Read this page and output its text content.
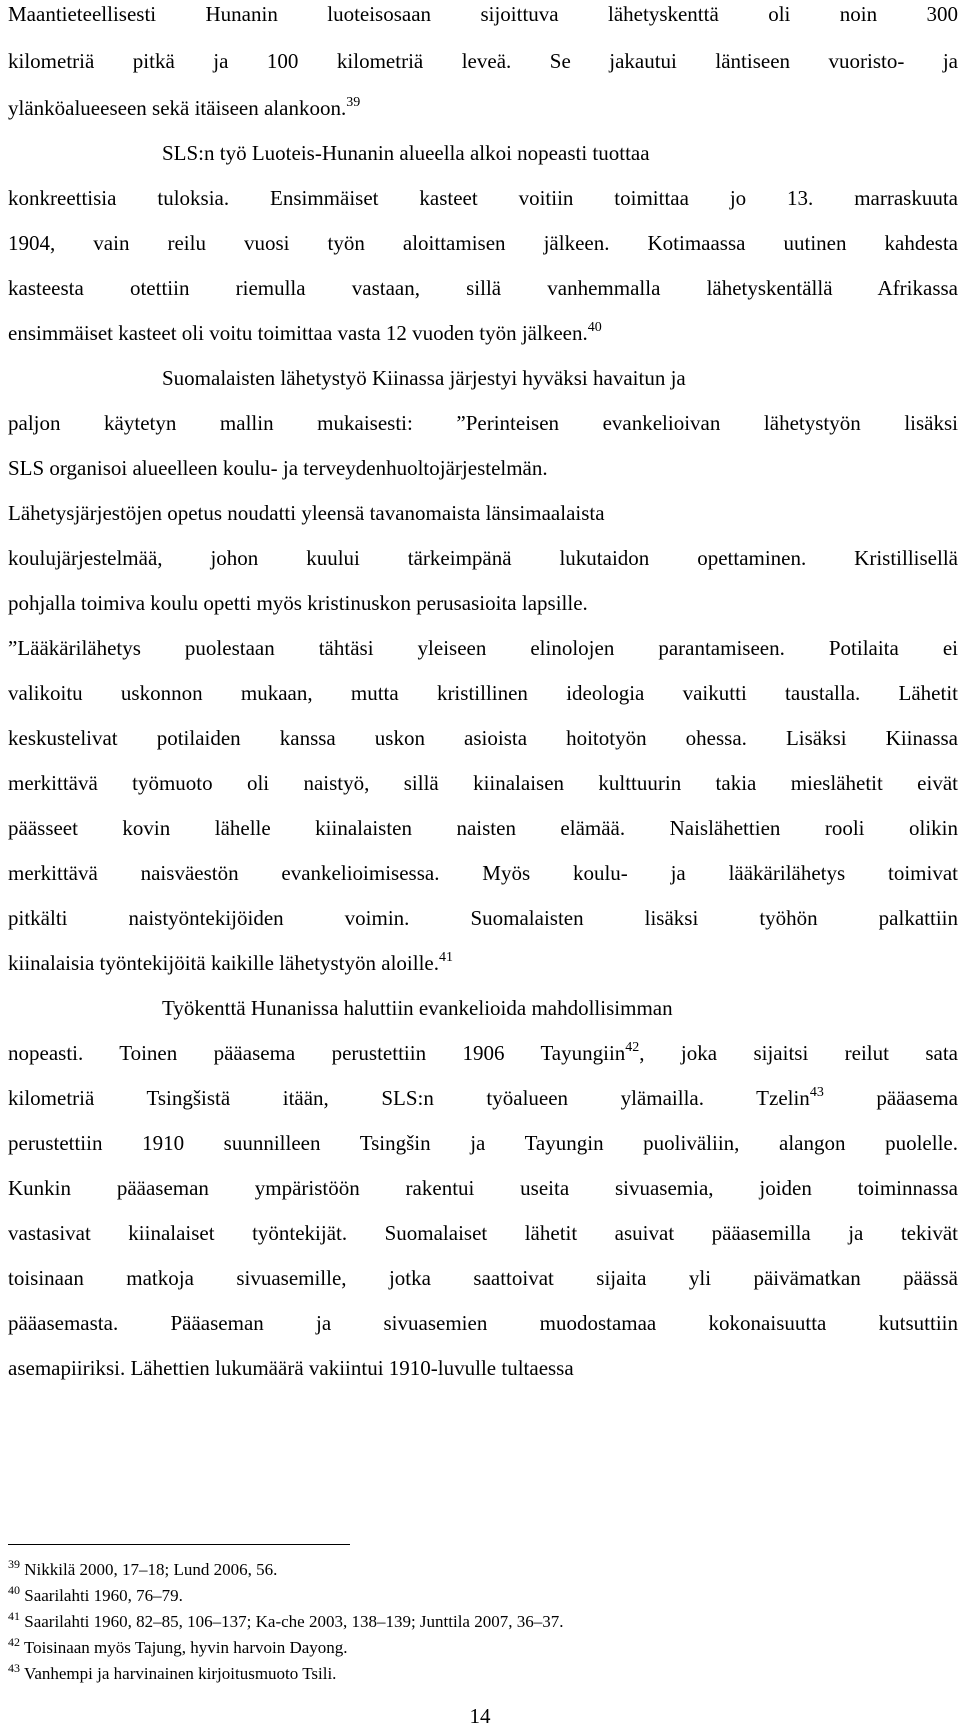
Maantieteellisesti Hunanin luoteisosaan sijoittuva lähetyskenttä oli noin 300
kilometriä pitkä ja 100 kilometriä leveä. Se jakautui läntiseen vuoristo- ja
ylänköalueeseen sekä itäiseen alankoon.$^{39}$
SLS:n työ Luoteis-Hunanin alueella alkoi nopeasti tuottaa
konkreettisia tuloksia. Ensimmäiset kasteet voitiin toimittaa jo 13. marraskuuta
1904, vain reilu vuosi työn aloittamisen jälkeen. Kotimaassa uutinen kahdesta
kasteesta otettiin riemulla vastaan, sillä vanhemmalla lähetyskentällä Afrikassa
ensimmäiset kasteet oli voitu toimittaa vasta 12 vuoden työn jälkeen.$^{40}$
Suomalaisten lähetystyö Kiinassa järjestyi hyväksi havaitun ja
paljon käytetyn mallin mukaisesti: ”Perinteisen evankelioivan lähetystyön lisäksi
SLS organisoi alueelleen koulu- ja terveydenhuoltojärjestelmän.
Lähetysjärjestöjen opetus noudatti yleensä tavanomaista länsimaalaista
koulujärjestelmää, johon kuului tärkeimpänä lukutaidon opettaminen. Kristillisellä
pohjalla toimiva koulu opetti myös kristinuskon perusasioita lapsille.
”Lääkärilähetys puolestaan tähtäsi yleiseen elinolojen parantamiseen. Potilaita ei
valikoitu uskonnon mukaan, mutta kristillinen ideologia vaikutti taustalla. Lähetit
keskustelivat potilaiden kanssa uskon asioista hoitotyön ohessa. Lisäksi Kiinassa
merkittävä työmuoto oli naistyö, sillä kiinalaisen kulttuurin takia mieslähetit eivät
päässeet kovin lähelle kiinalaisten naisten elämää. Naislähettien rooli olikin
merkittävä naisväestön evankelioimisessa. Myös koulu- ja lääkärilähetys toimivat
pitkälti naistyöntekijöiden voimin. Suomalaisten lisäksi työhön palkattiin
kiinalaisia työntekijöitä kaikille lähetystyön aloille.$^{41}$
Työkenttä Hunanissa haluttiin evankelioida mahdollisimman
nopeasti. Toinen pääasema perustettiin 1906 Tayungiin$^{42}$, joka sijaitsi reilut sata
kilometriä Tsingšistä itään, SLS:n työalueen ylämailla. Tzelin$^{43}$ pääasema
perustettiin 1910 suunnilleen Tsingšin ja Tayungin puoliväliin, alangon puolelle.
Kunkin pääaseman ympäristöön rakentui useita sivuasemia, joiden toiminnassa
vastasivat kiinalaiset työntekijät. Suomalaiset lähetit asuivat pääasemilla ja tekivät
toisinaan matkoja sivuasemille, jotka saattoivat sijaita yli päivämatkan päässä
pääasemasta. Pääaseman ja sivuasemien muodostamaa kokonaisuutta kutsuttiin
asemapiiriksi. Lähettien lukumäärä vakiintui 1910-luvulle tultaessa
$^{39}$ Nikkilä 2000, 17–18; Lund 2006, 56.
$^{40}$ Saarilahti 1960, 76–79.
$^{41}$ Saarilahti 1960, 82–85, 106–137; Ka-che 2003, 138–139; Junttila 2007, 36–37.
$^{42}$ Toisinaan myös Tajung, hyvin harvoin Dayong.
$^{43}$ Vanhempi ja harvinainen kirjoitusmuoto Tsili.
14
